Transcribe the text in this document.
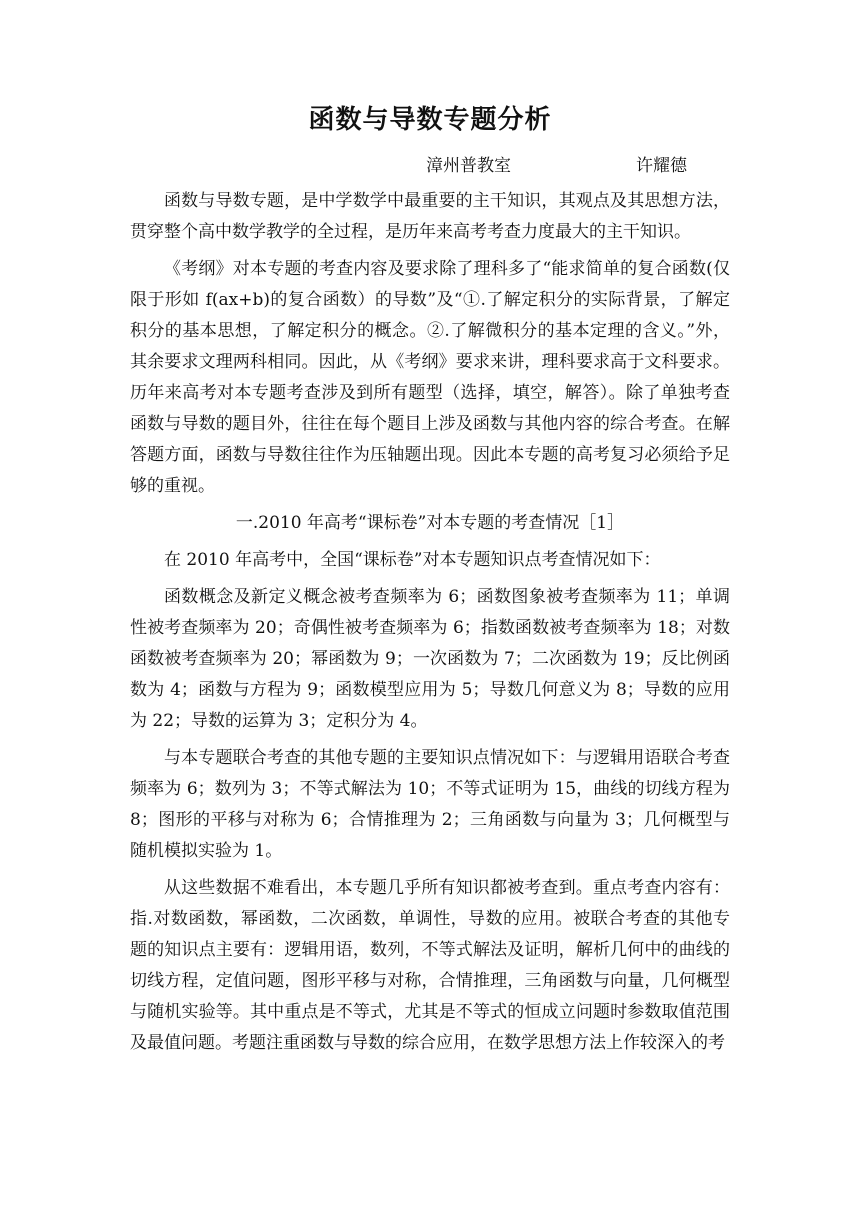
函数与导数专题分析
漳州普教室	许耀德

函数与导数专题，是中学数学中最重要的主干知识，其观点及其思想方法，贯穿整个高中数学教学的全过程，是历年来高考考查力度最大的主干知识。

《考纲》对本专题的考查内容及要求除了理科多了“能求简单的复合函数(仅限于形如 f(ax+b)的复合函数）的导数”及“①.了解定积分的实际背景，了解定积分的基本思想，了解定积分的概念。②.了解微积分的基本定理的含义。”外，其余要求文理两科相同。因此，从《考纲》要求来讲，理科要求高于文科要求。历年来高考对本专题考查涉及到所有题型（选择，填空，解答）。除了单独考查函数与导数的题目外，往往在每个题目上涉及函数与其他内容的综合考查。在解答题方面，函数与导数往往作为压轴题出现。因此本专题的高考复习必须给予足够的重视。

一.2010 年高考“课标卷”对本专题的考查情况［1］

在 2010 年高考中，全国“课标卷”对本专题知识点考查情况如下：

函数概念及新定义概念被考查频率为 6；函数图象被考查频率为 11；单调性被考查频率为 20；奇偶性被考查频率为 6；指数函数被考查频率为 18；对数函数被考查频率为 20；幂函数为 9；一次函数为 7；二次函数为 19；反比例函数为 4；函数与方程为 9；函数模型应用为 5；导数几何意义为 8；导数的应用为 22；导数的运算为 3；定积分为 4。

与本专题联合考查的其他专题的主要知识点情况如下：与逻辑用语联合考查频率为 6；数列为 3；不等式解法为 10；不等式证明为 15，曲线的切线方程为 8；图形的平移与对称为 6；合情推理为 2；三角函数与向量为 3；几何概型与随机模拟实验为 1。

从这些数据不难看出，本专题几乎所有知识都被考查到。重点考查内容有：指.对数函数，幂函数，二次函数，单调性，导数的应用。被联合考查的其他专题的知识点主要有：逻辑用语，数列，不等式解法及证明，解析几何中的曲线的切线方程，定值问题，图形平移与对称，合情推理，三角函数与向量，几何概型与随机实验等。其中重点是不等式，尤其是不等式的恒成立问题时参数取值范围及最值问题。考题注重函数与导数的综合应用，在数学思想方法上作较深入的考
